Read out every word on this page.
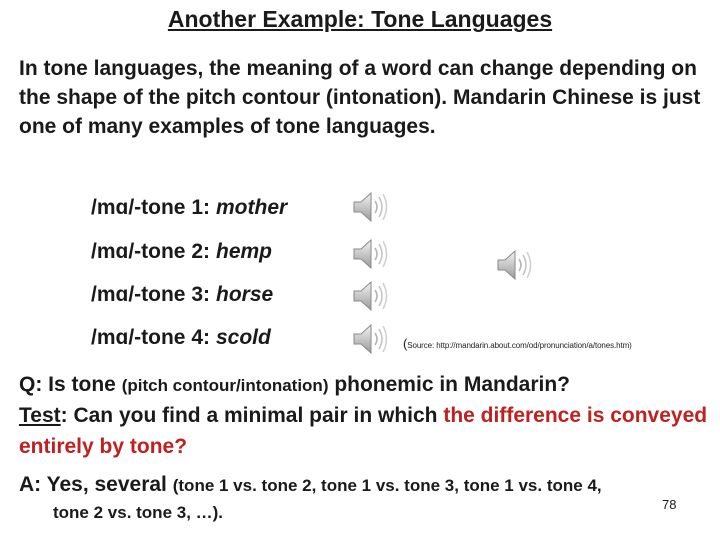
Another Example: Tone Languages
In tone languages, the meaning of a word can change depending on the shape of the pitch contour (intonation). Mandarin Chinese is just one of many examples of tone languages.
/mɑ/-tone 1: mother
/mɑ/-tone 2: hemp
/mɑ/-tone 3: horse
/mɑ/-tone 4: scold	(Source: http://mandarin.about.com/od/pronunciation/a/tones.htm)
Q: Is tone (pitch contour/intonation) phonemic in Mandarin?
Test: Can you find a minimal pair in which the difference is conveyed entirely by tone?
A: Yes, several (tone 1 vs. tone 2, tone 1 vs. tone 3, tone 1 vs. tone 4,
tone 2 vs. tone 3, …).	78
